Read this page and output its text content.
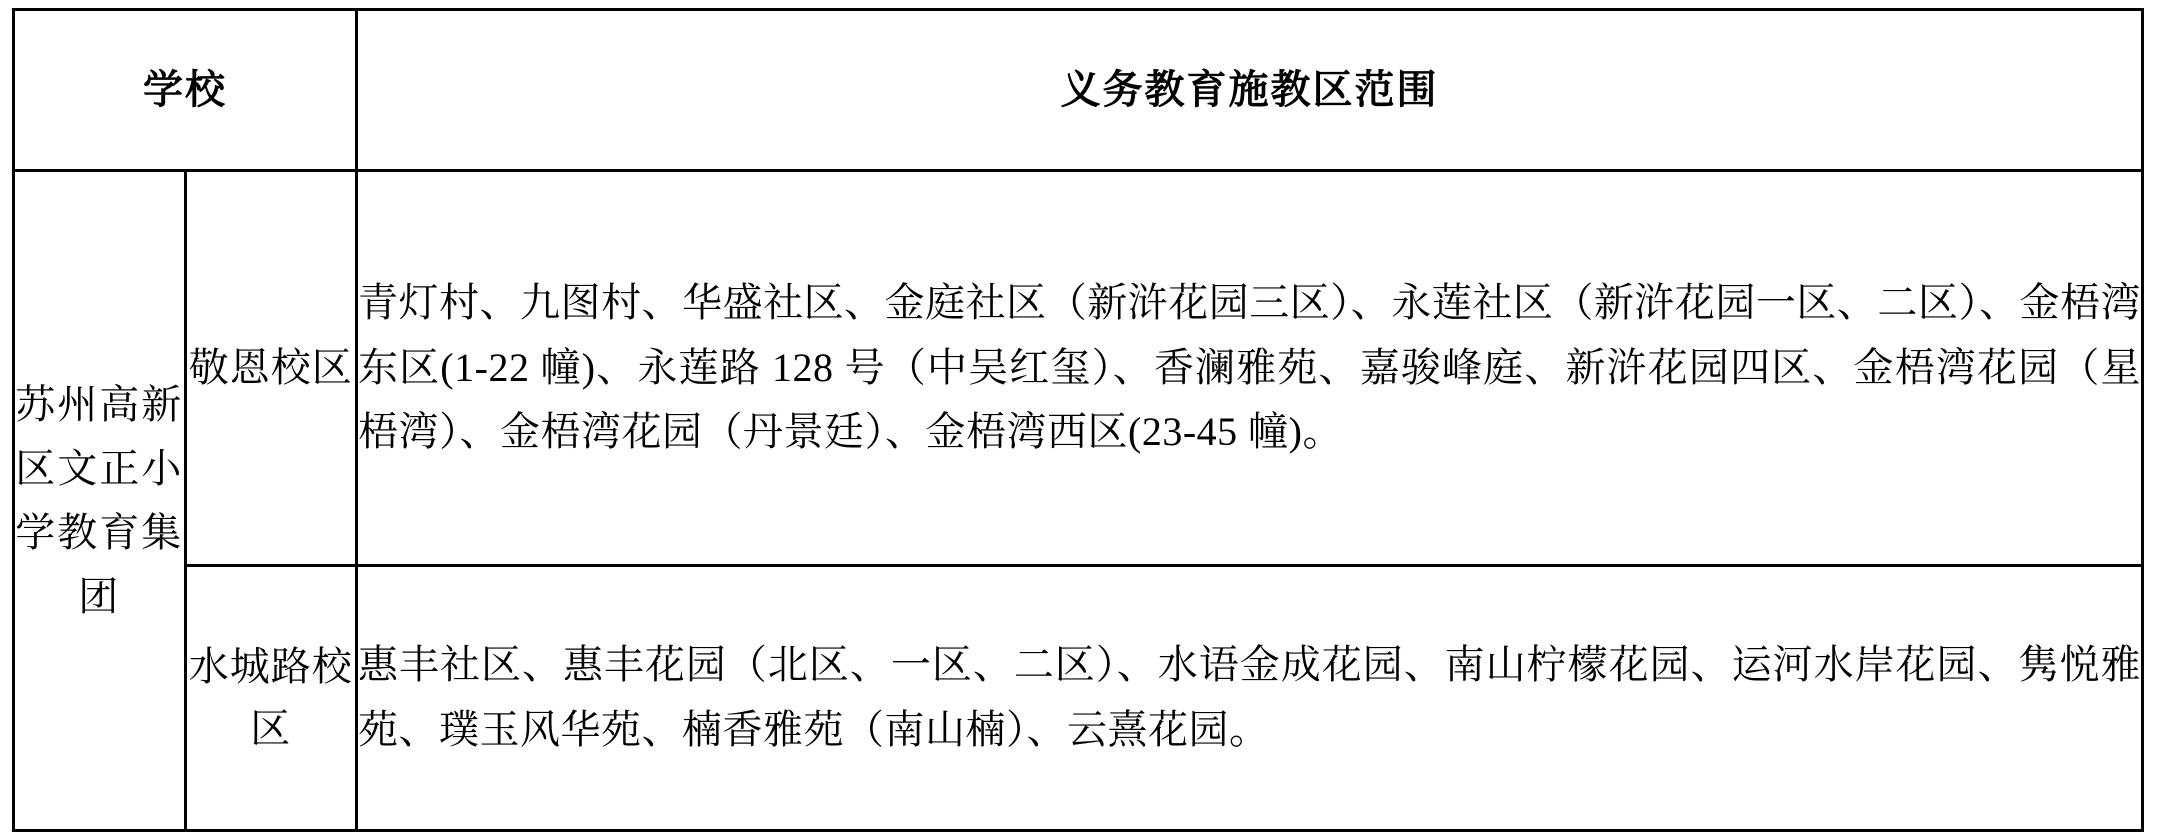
学校		义务教育施教区范围
苏州高新区文正小学教育集团	敬恩校区	青灯村、九图村、华盛社区、金庭社区（新浒花园三区）、永莲社区（新浒花园一区、二区）、金梧湾东区(1-22 幢)、永莲路 128 号（中吴红玺）、香澜雅苑、嘉骏峰庭、新浒花园四区、金梧湾花园（星梧湾）、金梧湾花园（丹景廷）、金梧湾西区(23-45 幢)。
	水城路校区	惠丰社区、惠丰花园（北区、一区、二区）、水语金成花园、南山柠檬花园、运河水岸花园、隽悦雅苑、璞玉风华苑、楠香雅苑（南山楠）、云熹花园。
